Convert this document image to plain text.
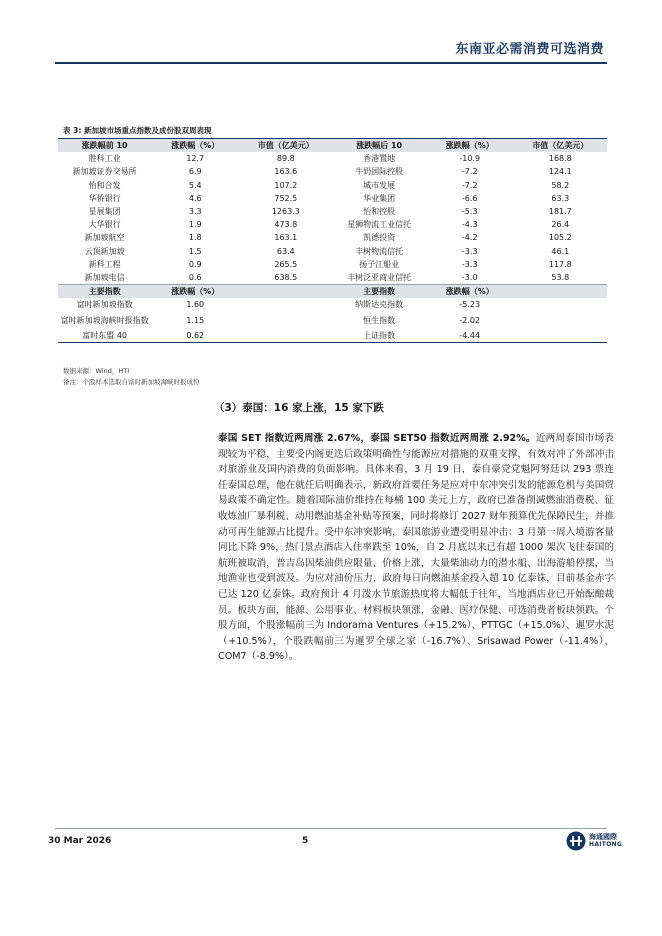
东南亚必需消费可选消费
表 3: 新加坡市场重点指数及成份股双周表现
涨跌幅前 10	涨跌幅（%）	市值（亿美元）	涨跌幅后 10	涨跌幅（%）	市值（亿美元）
胜科工业	12.7	89.8	香港置地	-10.9	168.8
新加坡证券交易所	6.9	163.6	牛奶国际控股	-7.2	124.1
怡和合发	5.4	107.2	城市发展	-7.2	58.2
华侨银行	4.6	752.5	华业集团	-6.6	63.3
星展集团	3.3	1263.3	怡和控股	-5.3	181.7
大华银行	1.9	473.8	星狮物流工业信托	-4.3	26.4
新加坡航空	1.8	163.1	凯德投资	-4.2	105.2
云顶新加坡	1.5	63.4	丰树物流信托	-3.3	46.1
新科工程	0.9	265.5	扬子江船业	-3.3	117.8
新加坡电信	0.6	638.5	丰树泛亚商业信托	-3.0	53.8
主要指数	涨跌幅（%）		主要指数	涨跌幅（%）	
富时新加坡指数	1.60		纳斯达克指数	-5.23	
富时新加坡海峡时报指数	1.15		恒生指数	-2.02	
富时东盟 40	0.62		上证指数	-4.44	
数据来源：Wind，HTI
备注：个股样本选取自富时新加坡海峡时报成份
（3）泰国：16 家上涨，15 家下跌
泰国 SET 指数近两周涨 2.67%，泰国 SET50 指数近两周涨 2.92%。近两周泰国市场表现较为平稳，主要受内阁更迭后政策明确性与能源应对措施的双重支撑，有效对冲了外部冲击对旅游业及国内消费的负面影响。具体来看，3 月 19 日，泰自豪党党魁阿努廷以 293 票连任泰国总理，他在就任后明确表示，新政府首要任务是应对中东冲突引发的能源危机与美国贸易政策不确定性。随着国际油价维持在每桶 100 美元上方，政府已准备削减燃油消费税、征收炼油厂暴利税、动用燃油基金补贴等预案，同时将修订 2027 财年预算优先保障民生，并推动可再生能源占比提升。受中东冲突影响，泰国旅游业遭受明显冲击：3 月第一周入境游客量同比下降 9%，热门景点酒店入住率跌至 10%，自 2 月底以来已有超 1000 架次飞往泰国的航班被取消，普吉岛因柴油供应限量、价格上涨，大量柴油动力的潜水船、出海游船停摆，当地渔业也受到波及。为应对油价压力，政府每日向燃油基金投入超 10 亿泰铢，目前基金赤字已达 120 亿泰铢。政府预计 4 月泼水节旅游热度将大幅低于往年，当地酒店业已开始酝酿裁员。板块方面，能源、公用事业、材料板块领涨，金融、医疗保健、可选消费者板块领跌。个股方面，个股涨幅前三为 Indorama Ventures（+15.2%）、PTTGC（+15.0%）、暹罗水泥（+10.5%），个股跌幅前三为暹罗全球之家（-16.7%）、Srisawad Power（-11.4%）、COM7（-8.9%）。
30 Mar 2026	5	海通國際
HAITONG
